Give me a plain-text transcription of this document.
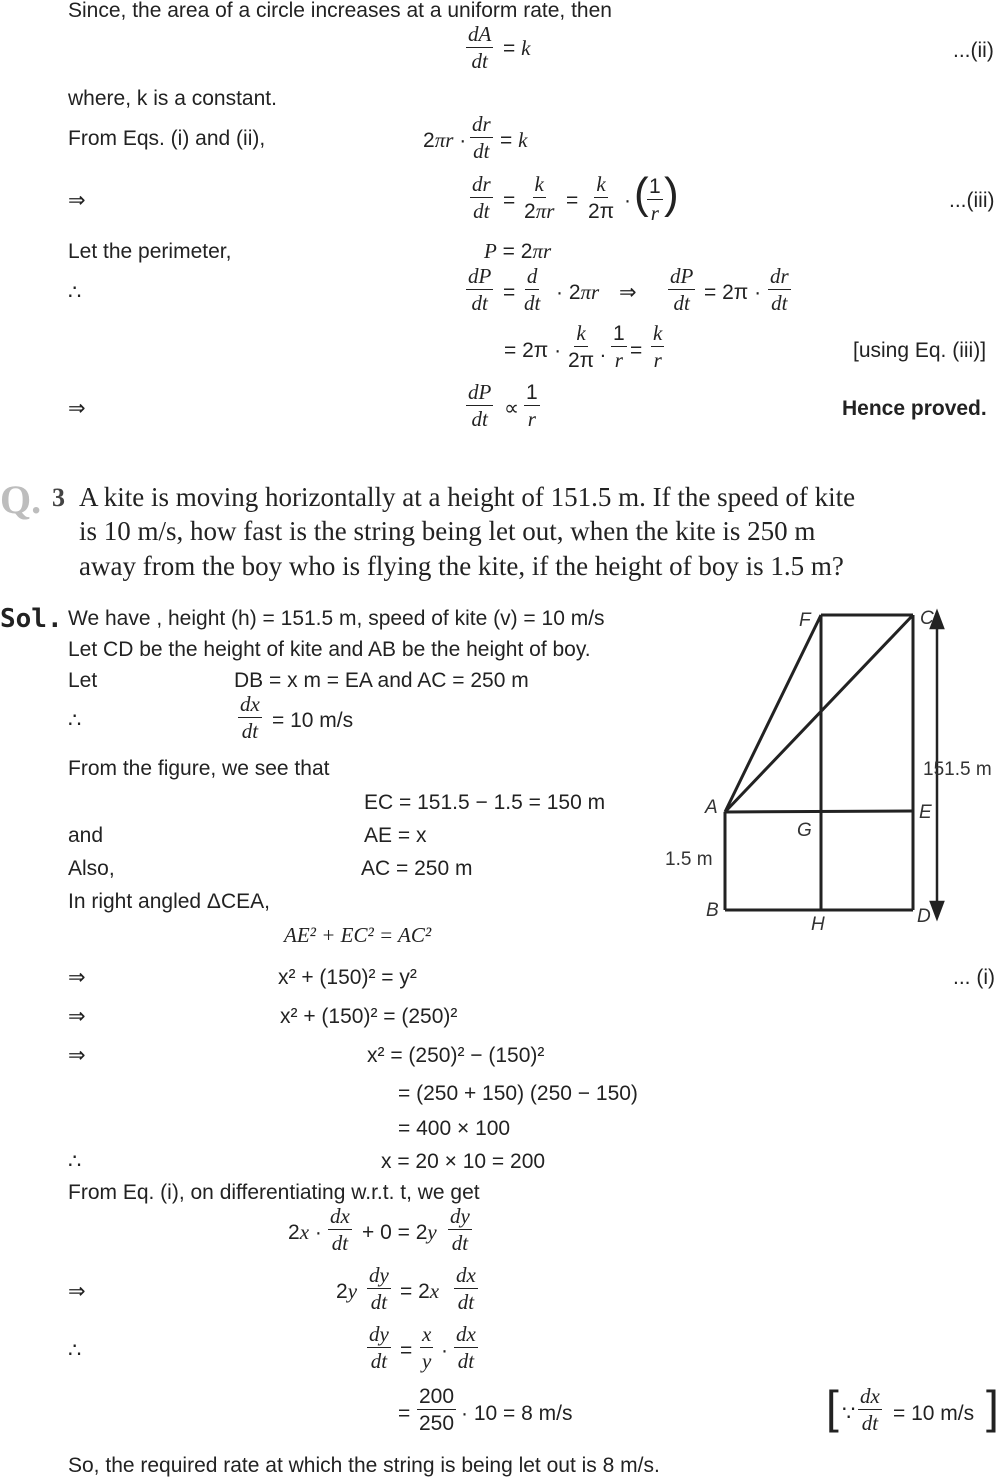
Since, the area of a circle increases at a uniform rate, then
dA
dt
= k	...(ii)
where, k is a constant.
From Eqs. (i) and (ii),	2πr ·
dr
dt = k
⇒
dr
dt =
k
2πr =
k
2π · ( 1
r )	...(iii)
Let the perimeter,	P = 2πr
∴
dP
dt =
d
dt · 2πr ⇒
dP
dt = 2π ·
dr
dt
= 2π ·
k
2π .
1
r =
k
r	[using Eq. (iii)]
⇒
dP
dt ∝
1
r	Hence proved.
Q. 3 A kite is moving horizontally at a height of 151.5 m. If the speed of kite
is 10 m/s, how fast is the string being let out, when the kite is 250 m
away from the boy who is flying the kite, if the height of boy is 1.5 m?
Sol. We have , height (h) = 151.5 m, speed of kite (v) = 10 m/s
Let CD be the height of kite and AB be the height of boy.
Let	DB = x m = EA and AC = 250 m
∴
dx
dt = 10 m/s
From the figure, we see that
EC = 151.5 − 1.5 = 150 m
and	AE = x
Also,	AC = 250 m
In right angled ΔCEA,
AE² + EC² = AC²
⇒	x² + (150)² = y²	... (i)
⇒	x² + (150)² = (250)²
⇒	x² = (250)² − (150)²
= (250 + 150) (250 − 150)
= 400 × 100
∴	x = 20 × 10 = 200
From Eq. (i), on differentiating w.r.t. t, we get
2x ·
dx
dt + 0 = 2y
dy
dt
⇒	2y
dy
dt = 2x
dx
dt
∴
dy
dt =
x
y ·
dx
dt
= $\frac{200}{250} \cdot 10 = 8$ m/s	[ ∵
dx
dt = 10 m/s ]
So, the required rate at which the string is being let out is 8 m/s.
F	C
A	E
G
B
H	D
151.5 m
1.5 m
